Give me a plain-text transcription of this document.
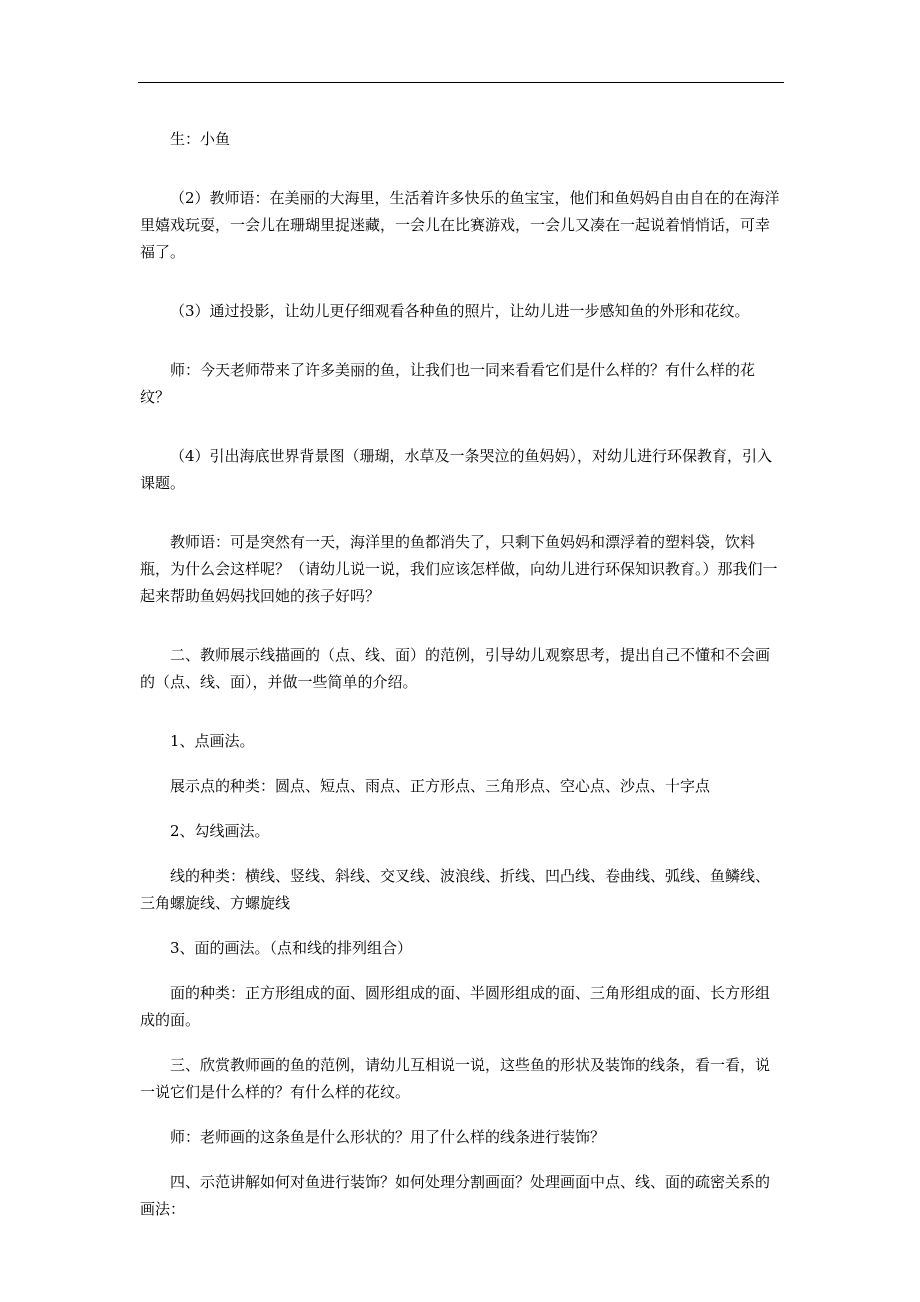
生：小鱼

（2）教师语：在美丽的大海里，生活着许多快乐的鱼宝宝，他们和鱼妈妈自由自在的在海洋里嬉戏玩耍，一会儿在珊瑚里捉迷藏，一会儿在比赛游戏，一会儿又凑在一起说着悄悄话，可幸福了。

（3）通过投影，让幼儿更仔细观看各种鱼的照片，让幼儿进一步感知鱼的外形和花纹。

师：今天老师带来了许多美丽的鱼，让我们也一同来看看它们是什么样的？有什么样的花纹？

（4）引出海底世界背景图（珊瑚，水草及一条哭泣的鱼妈妈），对幼儿进行环保教育，引入课题。

教师语：可是突然有一天，海洋里的鱼都消失了，只剩下鱼妈妈和漂浮着的塑料袋，饮料瓶，为什么会这样呢？（请幼儿说一说，我们应该怎样做，向幼儿进行环保知识教育。）那我们一起来帮助鱼妈妈找回她的孩子好吗？

二、教师展示线描画的（点、线、面）的范例，引导幼儿观察思考，提出自己不懂和不会画的（点、线、面），并做一些简单的介绍。

1、点画法。

展示点的种类：圆点、短点、雨点、正方形点、三角形点、空心点、沙点、十字点

2、勾线画法。

线的种类：横线、竖线、斜线、交叉线、波浪线、折线、凹凸线、卷曲线、弧线、鱼鳞线、三角螺旋线、方螺旋线

3、面的画法。（点和线的排列组合）

面的种类：正方形组成的面、圆形组成的面、半圆形组成的面、三角形组成的面、长方形组成的面。

三、欣赏教师画的鱼的范例，请幼儿互相说一说，这些鱼的形状及装饰的线条，看一看，说一说它们是什么样的？有什么样的花纹。

师：老师画的这条鱼是什么形状的？用了什么样的线条进行装饰？

四、示范讲解如何对鱼进行装饰？如何处理分割画面？处理画面中点、线、面的疏密关系的画法：
